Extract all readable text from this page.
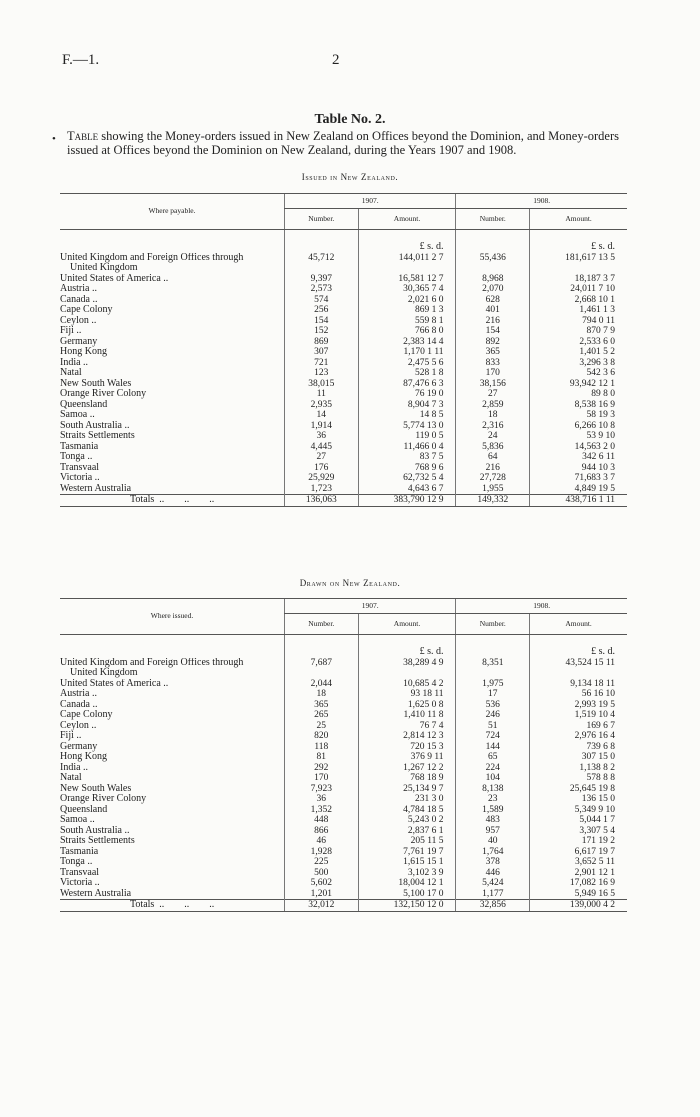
F.—1.	2
Table No. 2.
• Table showing the Money-orders issued in New Zealand on Offices beyond the Dominion, and Money-orders issued at Offices beyond the Dominion on New Zealand, during the Years 1907 and 1908.
Issued in New Zealand.
Where payable.	1907.		1908.	
	Number.	Amount.	Number.	Amount.

		£ s. d.		£ s. d.
United Kingdom and Foreign Offices through
United Kingdom	45,712	144,011 2 7	55,436	181,617 13 5
United States of America ..	9,397	16,581 12 7	8,968	18,187 3 7
Austria ..	2,573	30,365 7 4	2,070	24,011 7 10
Canada ..	574	2,021 6 0	628	2,668 10 1
Cape Colony	256	869 1 3	401	1,461 1 3
Ceylon ..	154	559 8 1	216	794 0 11
Fiji ..	152	766 8 0	154	870 7 9
Germany	869	2,383 14 4	892	2,533 6 0
Hong Kong	307	1,170 1 11	365	1,401 5 2
India ..	721	2,475 5 6	833	3,296 3 8
Natal	123	528 1 8	170	542 3 6
New South Wales	38,015	87,476 6 3	38,156	93,942 12 1
Orange River Colony	11	76 19 0	27	89 8 0
Queensland	2,935	8,904 7 3	2,859	8,538 16 9
Samoa ..	14	14 8 5	18	58 19 3
South Australia ..	1,914	5,774 13 0	2,316	6,266 10 8
Straits Settlements	36	119 0 5	24	53 9 10
Tasmania	4,445	11,466 0 4	5,836	14,563 2 0
Tonga ..	27	83 7 5	64	342 6 11
Transvaal	176	768 9 6	216	944 10 3
Victoria ..	25,929	62,732 5 4	27,728	71,683 3 7
Western Australia	1,723	4,643 6 7	1,955	4,849 19 5
Totals  ..        ..        ..	136,063	383,790 12 9	149,332	438,716 1 11
Drawn on New Zealand.
Where issued.	1907.		1908.	
	Number.	Amount.	Number.	Amount.

		£ s. d.		£ s. d.
United Kingdom and Foreign Offices through
United Kingdom	7,687	38,289 4 9	8,351	43,524 15 11
United States of America ..	2,044	10,685 4 2	1,975	9,134 18 11
Austria ..	18	93 18 11	17	56 16 10
Canada ..	365	1,625 0 8	536	2,993 19 5
Cape Colony	265	1,410 11 8	246	1,519 10 4
Ceylon ..	25	76 7 4	51	169 6 7
Fiji ..	820	2,814 12 3	724	2,976 16 4
Germany	118	720 15 3	144	739 6 8
Hong Kong	81	376 9 11	65	307 15 0
India ..	292	1,267 12 2	224	1,138 8 2
Natal	170	768 18 9	104	578 8 8
New South Wales	7,923	25,134 9 7	8,138	25,645 19 8
Orange River Colony	36	231 3 0	23	136 15 0
Queensland	1,352	4,784 18 5	1,589	5,349 9 10
Samoa ..	448	5,243 0 2	483	5,044 1 7
South Australia ..	866	2,837 6 1	957	3,307 5 4
Straits Settlements	46	205 11 5	40	171 19 2
Tasmania	1,928	7,761 19 7	1,764	6,617 19 7
Tonga ..	225	1,615 15 1	378	3,652 5 11
Transvaal	500	3,102 3 9	446	2,901 12 1
Victoria ..	5,602	18,004 12 1	5,424	17,082 16 9
Western Australia	1,201	5,100 17 0	1,177	5,949 16 5
Totals  ..        ..        ..	32,012	132,150 12 0	32,856	139,000 4 2
